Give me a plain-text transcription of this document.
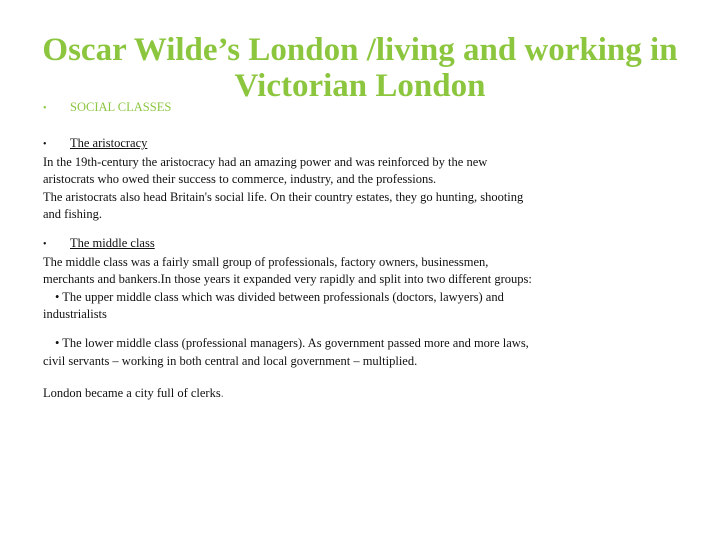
Oscar Wilde’s London /living and working in Victorian London
• SOCIAL CLASSES

• The aristocracy

In the 19th-century the aristocracy had an amazing power and was reinforced by the new

aristocrats who owed their success to commerce, industry, and the professions.

The aristocrats also head Britain's social life. On their country estates, they go hunting, shooting

and fishing.

• The middle class

The middle class was a fairly small group of professionals, factory owners, businessmen,

merchants and bankers.In those years it expanded very rapidly and split into two different groups:

• The upper middle class which was divided between professionals (doctors, lawyers) and

industrialists

• The lower middle class (professional managers). As government passed more and more laws,

civil servants – working in both central and local government – multiplied.

London became a city full of clerks.
